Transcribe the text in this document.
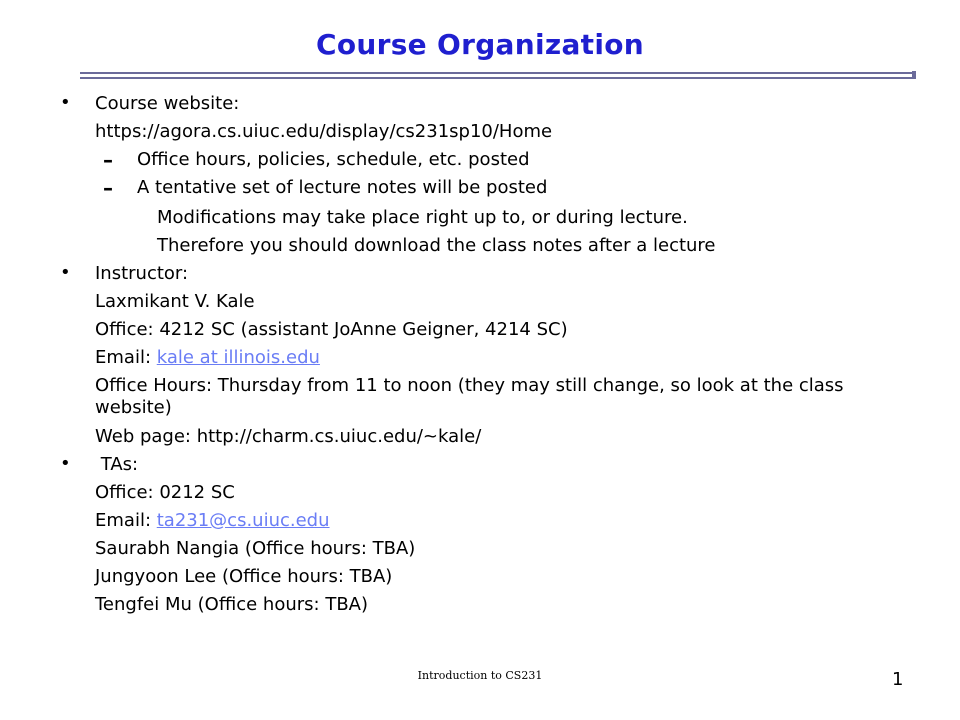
Course Organization
• Course website:
https://agora.cs.uiuc.edu/display/cs231sp10/Home
– Office hours, policies, schedule, etc. posted
– A tentative set of lecture notes will be posted
Modifications may take place right up to, or during lecture.
Therefore you should download the class notes after a lecture
• Instructor:
Laxmikant V. Kale
Office: 4212 SC (assistant JoAnne Geigner, 4214 SC)
Email: kale at illinois.edu
Office Hours: Thursday from 11 to noon (they may still change, so look at the class website)
Web page: http://charm.cs.uiuc.edu/~kale/
• TAs:
Office: 0212 SC
Email: ta231@cs.uiuc.edu
Saurabh Nangia (Office hours: TBA)
Jungyoon Lee (Office hours: TBA)
Tengfei Mu (Office hours: TBA)
Introduction to CS231	1
